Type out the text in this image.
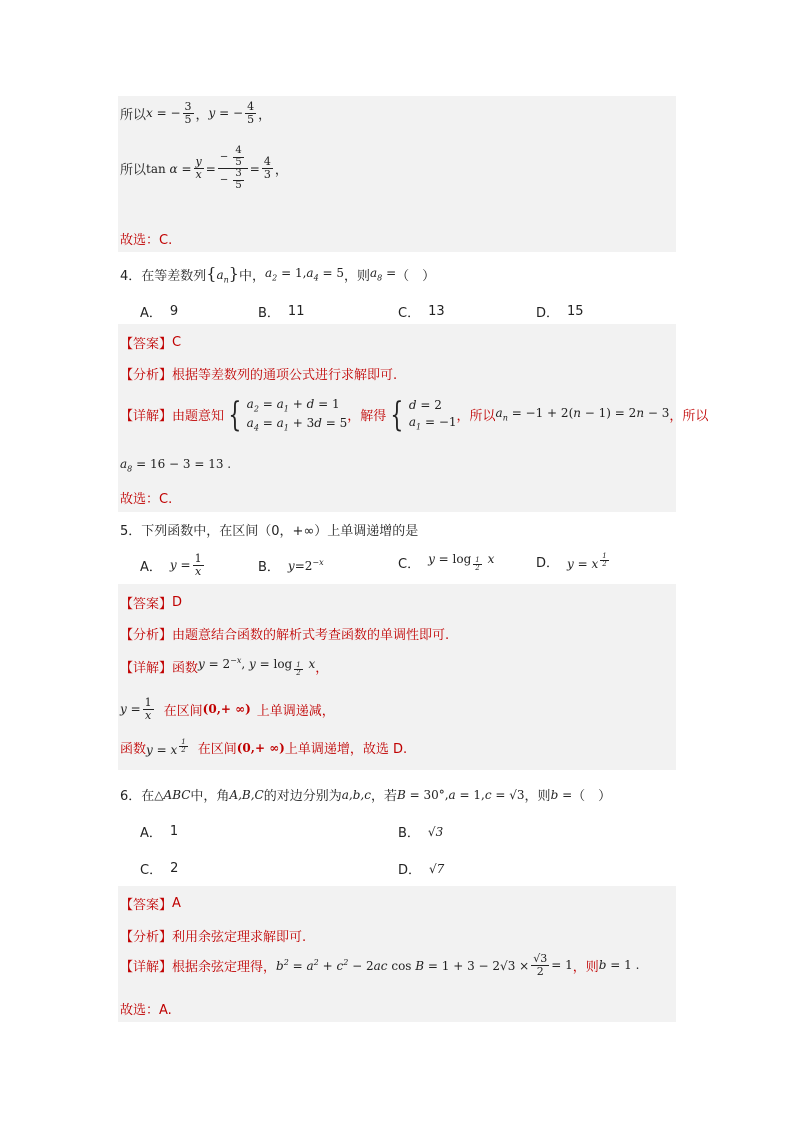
所以 x = − $\frac{3}{5}$ ， y = − $\frac{4}{5}$ ，
所以 $\tan \alpha = \frac{y}{x} = \frac{- \frac{4}{5}}{- \frac{3}{5}} = \frac{4}{3}$ ，
故选：C.
4． 在等差数列 $\{a_n\}$ 中， $a_2 = 1,a_4 = 5$ ，则 $a_8$ = （　）
A． 9	B． 11	C． 13	D． 15
【答案】 C
【分析】 根据等差数列的通项公式进行求解即可.
【详解】 由题意知 { $a_2 = a_1 + d = 1$
$a_4 = a_1 + 3d = 5$ ，解得 { d = 2
$a_1 = -1$ ，所以 $a_n = -1 + 2(n - 1) = 2n - 3$ ，所以
$a_8 = 16 - 3 = 13$ .
故选：C.
5． 下列函数中，在区间（0，+∞）上单调递增的是
A． $y = \frac{1}{x}$	B． $y=2^{-x}$	C． y = log $_{\frac{1}{2}}$ x	D． y = x $^{\frac{1}{2}}$
【答案】 D
【分析】 由题意结合函数的解析式考查函数的单调性即可.
【详解】 函数 $y = 2^{-x}$, y = log $_{\frac{1}{2}}$ x ，
$y = \frac{1}{x}$ 在区间 (0,+ ∞) 上单调递减，
函数 y = x $^{\frac{1}{2}}$ 在区间 (0,+ ∞) 上单调递增，故选 D.
6． 在 △ABC 中，角 A,B,C 的对边分别为 a,b,c ，若 B = 30°,a = 1,c = √3 ，则 b = （　）
A． 1	B． √3
C． 2	D． √7
【答案】 A
【分析】 利用余弦定理求解即可.
【详解】 根据余弦定理得， $b^2 = a^2 + c^2 - 2ac$ $\cos B = 1 + 3 - 2√3 \times \frac{√3}{2} = 1$ ，则 b = 1 .
故选：A.
